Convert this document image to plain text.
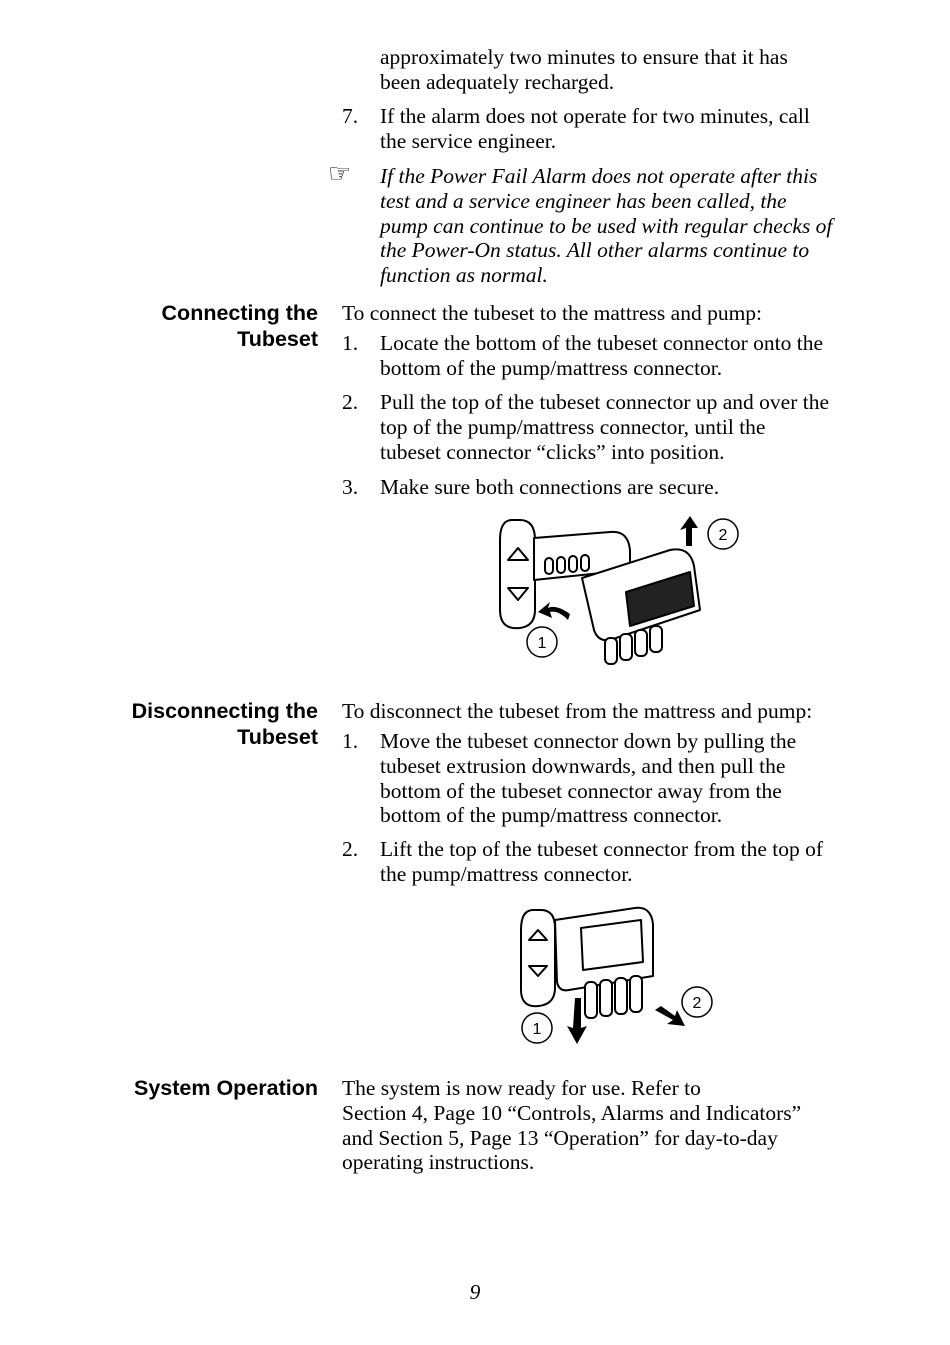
approximately two minutes to ensure that it has
been adequately recharged.
7.	If the alarm does not operate for two minutes, call
the service engineer.
☞ If the Power Fail Alarm does not operate after this
test and a service engineer has been called, the
pump can continue to be used with regular checks of
the Power-On status. All other alarms continue to
function as normal.
Connecting the
Tubeset
To connect the tubeset to the mattress and pump:
1.	Locate the bottom of the tubeset connector onto the
bottom of the pump/mattress connector.
2.	Pull the top of the tubeset connector up and over the
top of the pump/mattress connector, until the
tubeset connector “clicks” into position.
3.	Make sure both connections are secure.
2
1
Disconnecting the
Tubeset
To disconnect the tubeset from the mattress and pump:
1.	Move the tubeset connector down by pulling the
tubeset extrusion downwards, and then pull the
bottom of the tubeset connector away from the
bottom of the pump/mattress connector.
2.	Lift the top of the tubeset connector from the top of
the pump/mattress connector.
1
2
System Operation The system is now ready for use. Refer to
Section 4, Page 10 “Controls, Alarms and Indicators”
and Section 5, Page 13 “Operation” for day-to-day
operating instructions.
9
